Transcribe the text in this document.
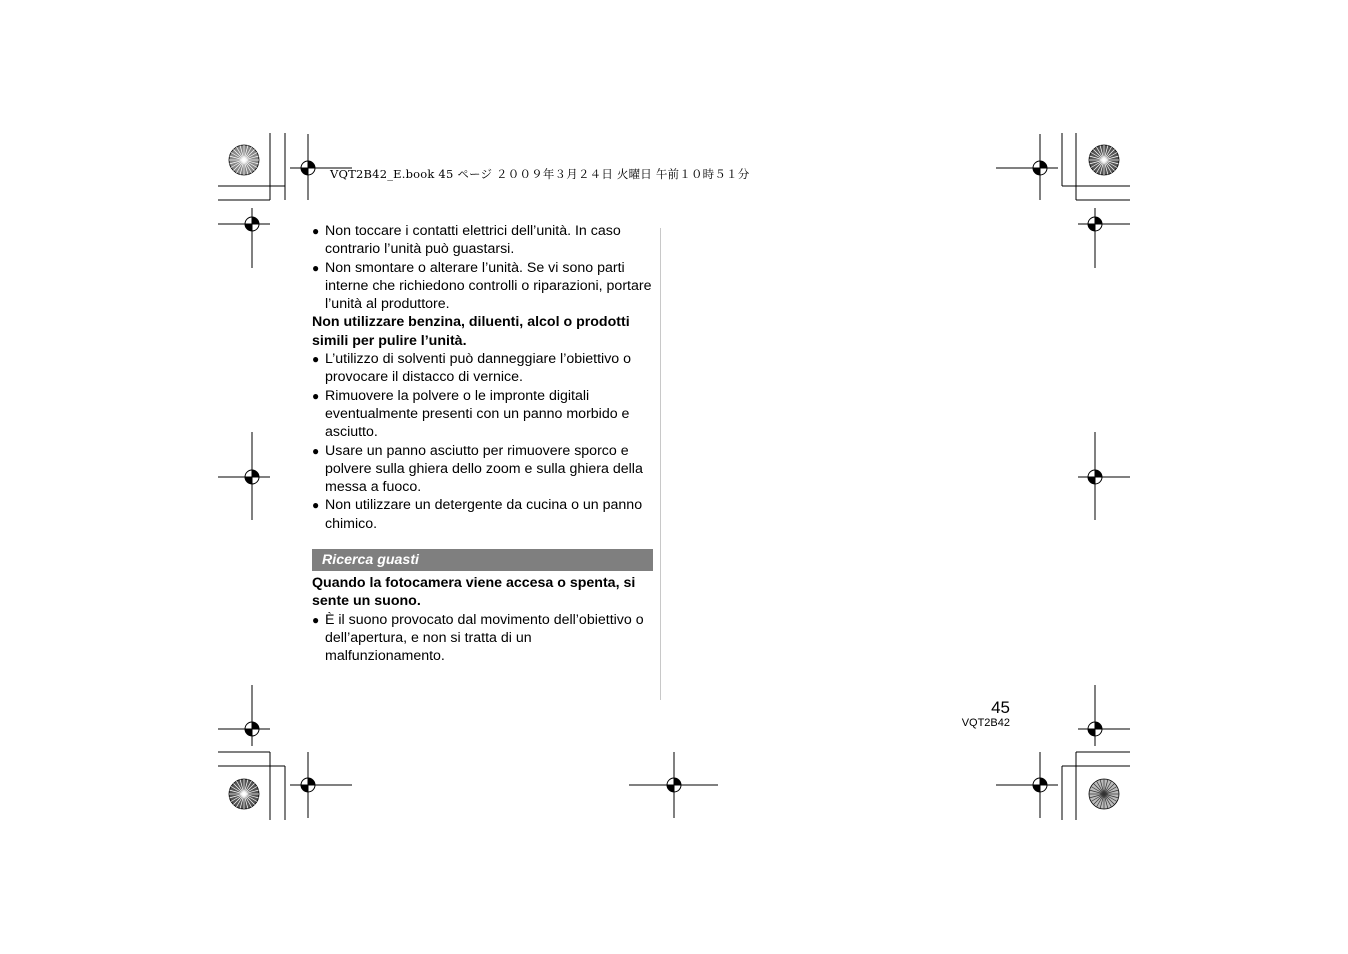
VQT2B42_E.book 45 ページ ２００９年３月２４日 火曜日 午前１０時５１分
● Non toccare i contatti elettrici dell’unità. In caso contrario l’unità può guastarsi.
● Non smontare o alterare l’unità. Se vi sono parti interne che richiedono controlli o riparazioni, portare l’unità al produttore.
Non utilizzare benzina, diluenti, alcol o prodotti simili per pulire l’unità.
● L’utilizzo di solventi può danneggiare l’obiettivo o provocare il distacco di vernice.
● Rimuovere la polvere o le impronte digitali eventualmente presenti con un panno morbido e asciutto.
● Usare un panno asciutto per rimuovere sporco e polvere sulla ghiera dello zoom e sulla ghiera della messa a fuoco.
● Non utilizzare un detergente da cucina o un panno chimico.
Ricerca guasti
Quando la fotocamera viene accesa o spenta, si sente un suono.
● È il suono provocato dal movimento dell’obiettivo o dell’apertura, e non si tratta di un malfunzionamento.
45
VQT2B42
